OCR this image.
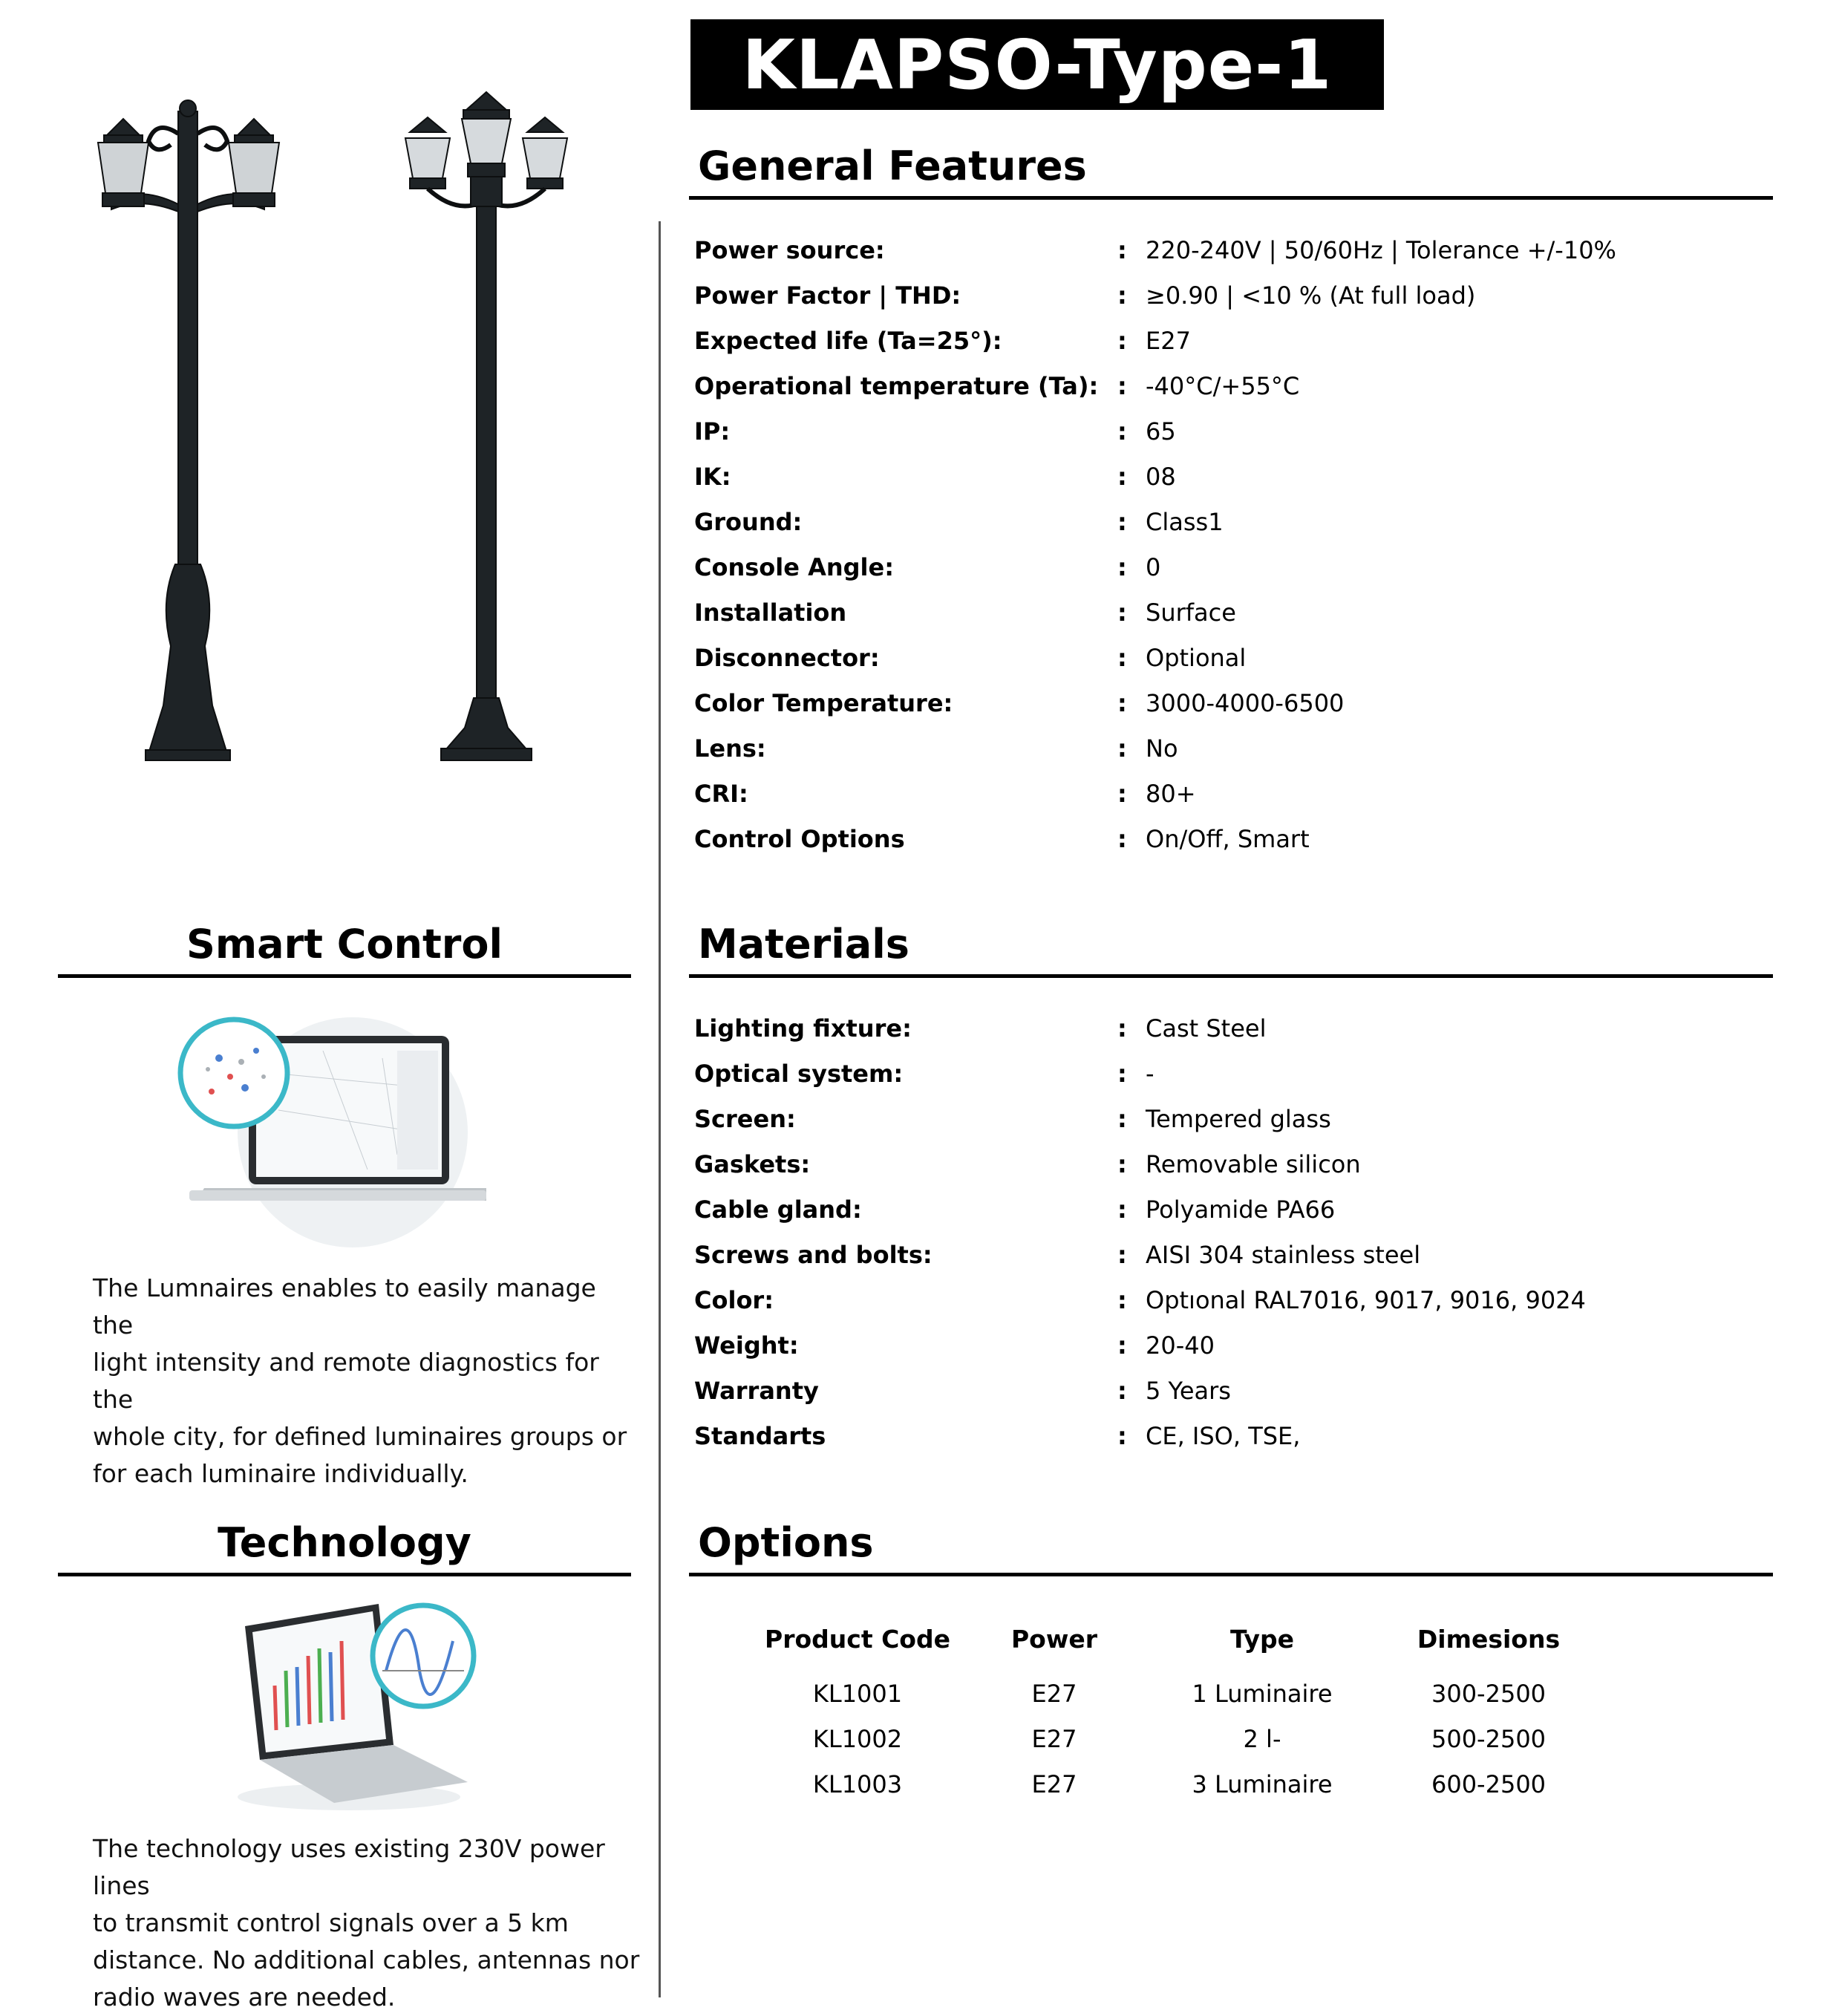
KLAPSO-Type-1
Smart Control
The Lumnaires enables to easily manage the
light intensity and remote diagnostics for the
whole city, for defined luminaires groups or
for each luminaire individually.
Technology
The technology uses existing 230V power lines
to transmit control signals over a 5 km
distance. No additional cables, antennas nor
radio waves are needed.
General Features
Power source:	: 220-240V | 50/60Hz | Tolerance +/-10%
Power Factor | THD:	: ≥0.90 | <10 % (At full load)
Expected life (Ta=25°):	: E27
Operational temperature (Ta): : -40°C/+55°C
IP:	: 65
IK:	: 08
Ground:	: Class1
Console Angle:	: 0
Installation	: Surface
Disconnector:	: Optional
Color Temperature:	: 3000-4000-6500
Lens:	: No
CRI:	: 80+
Control Options	: On/Off, Smart
Materials
Lighting fixture:	: Cast Steel
Optical system:	: -
Screen:	: Tempered glass
Gaskets:	: Removable silicon
Cable gland:	: Polyamide PA66
Screws and bolts:	: AISI 304 stainless steel
Color:	: Optıonal RAL7016, 9017, 9016, 9024
Weight:	: 20-40
Warranty	: 5 Years
Standarts	: CE, ISO, TSE,
Options
Product Code	Power	Type	Dimesions
KL1001	E27	1 Luminaire	300-2500
KL1002	E27	2 l-	500-2500
KL1003	E27	3 Luminaire	600-2500
